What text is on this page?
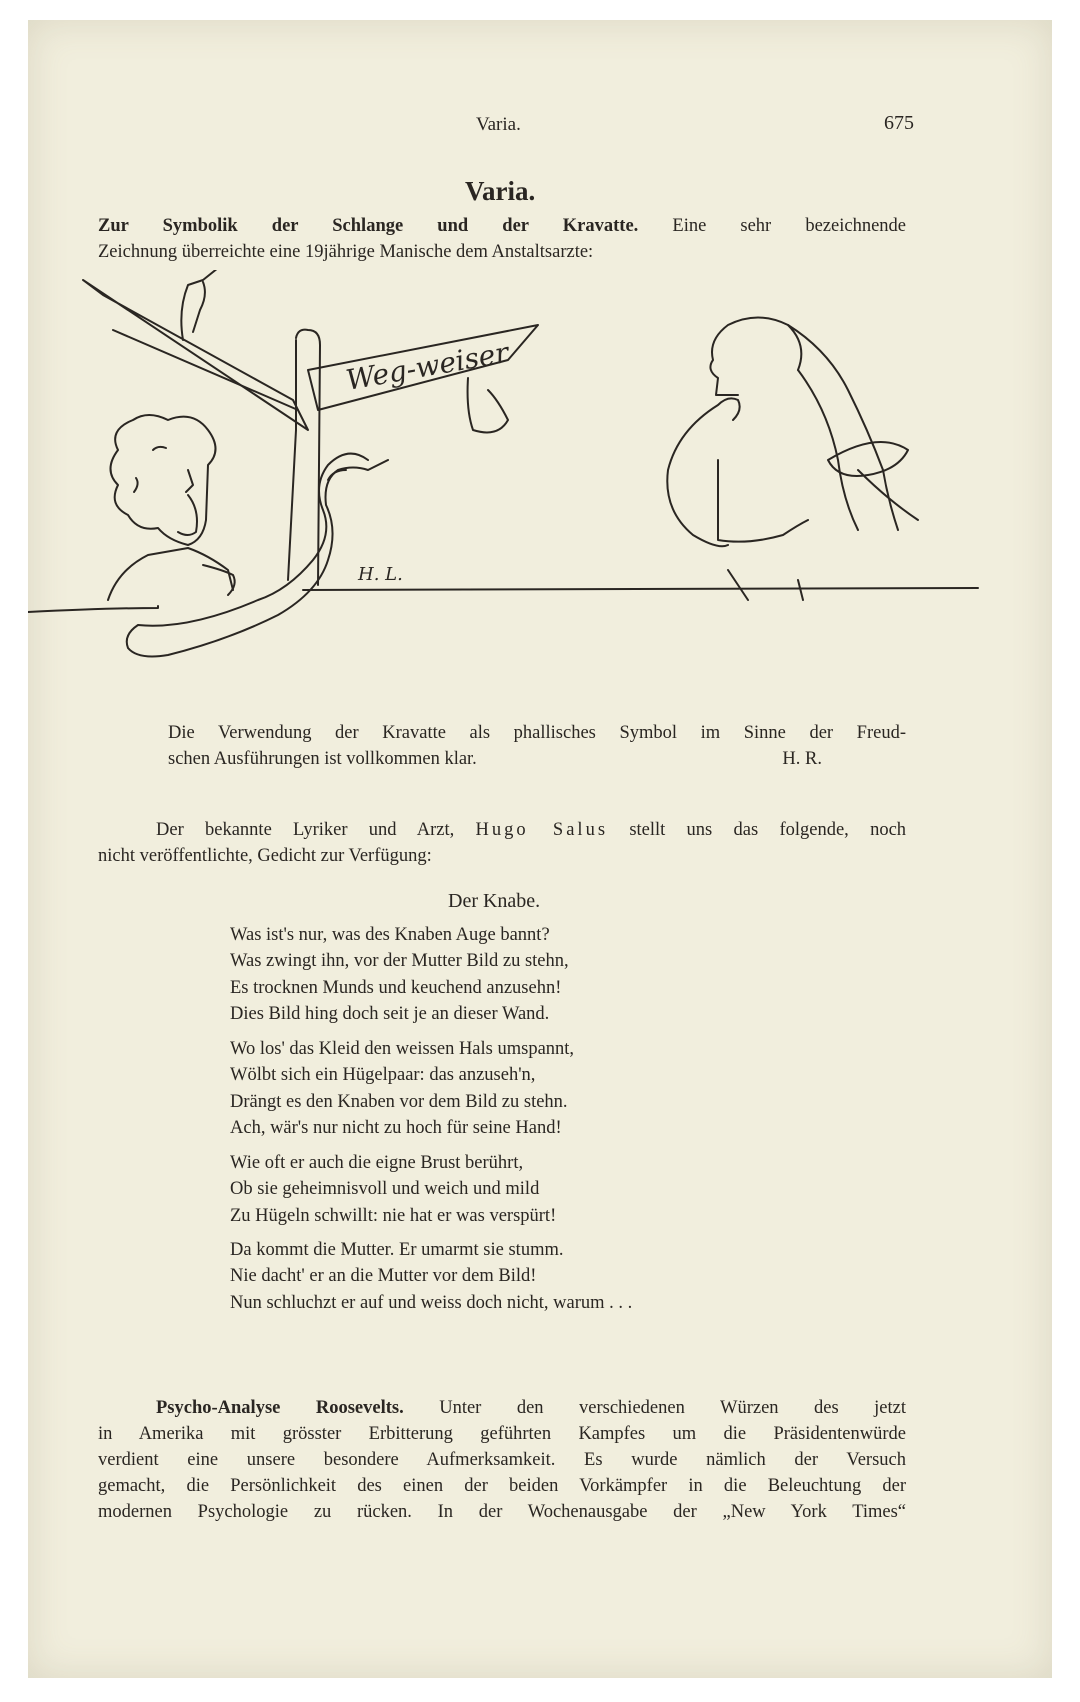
Varia.	675
Varia.
Zur Symbolik der Schlange und der Kravatte. Eine sehr bezeichnende
Zeichnung überreichte eine 19jährige Manische dem Anstaltsarzte:
Weg-weiser
H. L.
Die Verwendung der Kravatte als phallisches Symbol im Sinne der Freud-
schen Ausführungen ist vollkommen klar.	H. R.
Der bekannte Lyriker und Arzt, Hugo Salus stellt uns das folgende, noch
nicht veröffentlichte, Gedicht zur Verfügung:
Der Knabe.
Was ist's nur, was des Knaben Auge bannt?
Was zwingt ihn, vor der Mutter Bild zu stehn,
Es trocknen Munds und keuchend anzusehn!
Dies Bild hing doch seit je an dieser Wand.
Wo los' das Kleid den weissen Hals umspannt,
Wölbt sich ein Hügelpaar: das anzuseh'n,
Drängt es den Knaben vor dem Bild zu stehn.
Ach, wär's nur nicht zu hoch für seine Hand!
Wie oft er auch die eigne Brust berührt,
Ob sie geheimnisvoll und weich und mild
Zu Hügeln schwillt: nie hat er was verspürt!
Da kommt die Mutter. Er umarmt sie stumm.
Nie dacht' er an die Mutter vor dem Bild!
Nun schluchzt er auf und weiss doch nicht, warum . . .
Psycho-Analyse Roosevelts. Unter den verschiedenen Würzen des jetzt
in Amerika mit grösster Erbitterung geführten Kampfes um die Präsidentenwürde
verdient eine unsere besondere Aufmerksamkeit. Es wurde nämlich der Versuch
gemacht, die Persönlichkeit des einen der beiden Vorkämpfer in die Beleuchtung der
modernen Psychologie zu rücken. In der Wochenausgabe der „New York Times“
